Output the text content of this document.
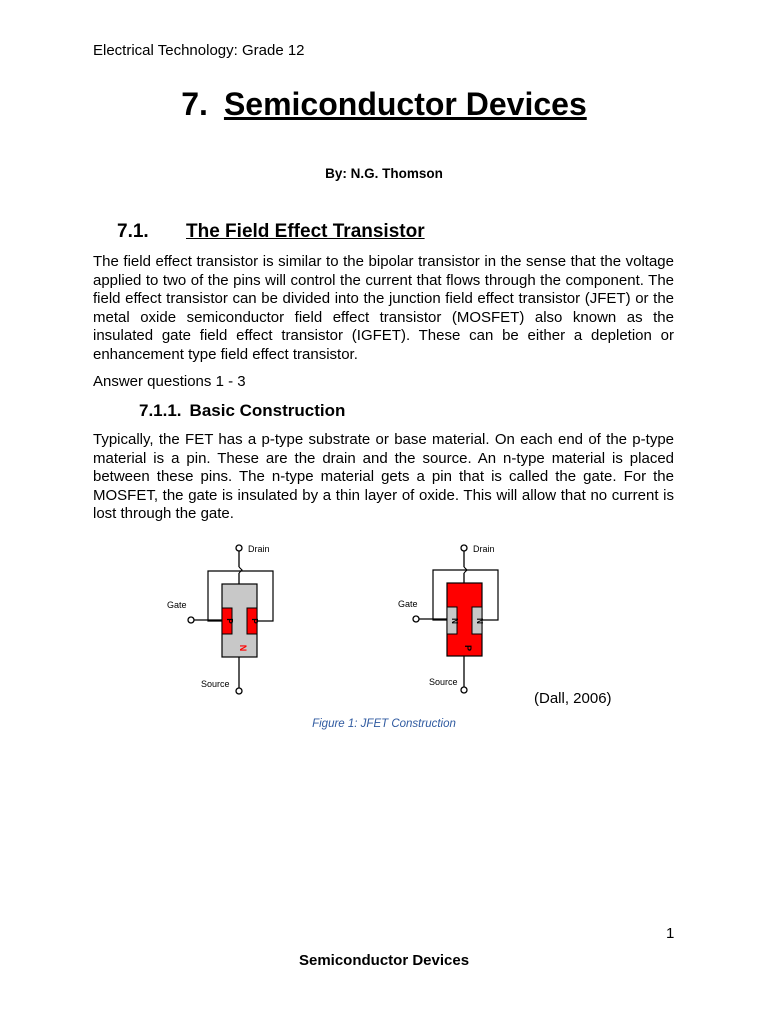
Electrical Technology: Grade 12
7. Semiconductor Devices
By: N.G. Thomson
7.1. The Field Effect Transistor
The field effect transistor is similar to the bipolar transistor in the sense that the voltage applied to two of the pins will control the current that flows through the component. The field effect transistor can be divided into the junction field effect transistor (JFET) or the metal oxide semiconductor field effect transistor (MOSFET) also known as the insulated gate field effect transistor (IGFET). These can be either a depletion or enhancement type field effect transistor.
Answer questions 1 - 3
7.1.1. Basic Construction
Typically, the FET has a p-type substrate or base material. On each end of the p-type material is a pin. These are the drain and the source. An n-type material is placed between these pins. The n-type material gets a pin that is called the gate. For the MOSFET, the gate is insulated by a thin layer of oxide. This will allow that no current is lost through the gate.
Drain
P P
N
Gate
Source
Drain
N N
P
Gate
Source
(Dall, 2006)
Figure 1: JFET Construction
1
Semiconductor Devices
